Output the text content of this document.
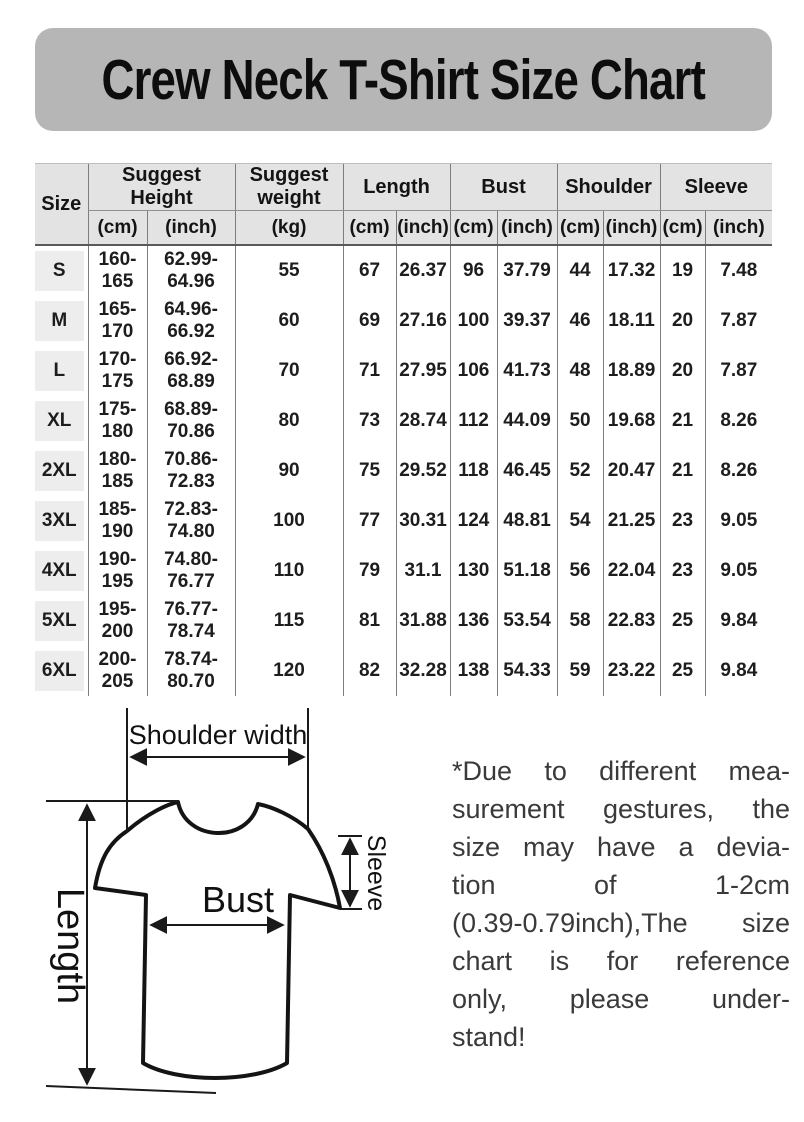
Crew Neck T-Shirt Size Chart
Size	Suggest Height		Suggest weight	Length		Bust		Shoulder		Sleeve	
	(cm)	(inch)	(kg)	(cm)	(inch)	(cm)	(inch)	(cm)	(inch)	(cm)	(inch)

S	160-165	62.99-64.96	55	67	26.37	96	37.79	44	17.32	19	7.48

M	165-170	64.96-66.92	60	69	27.16	100	39.37	46	18.11	20	7.87

L	170-175	66.92-68.89	70	71	27.95	106	41.73	48	18.89	20	7.87

XL	175-180	68.89-70.86	80	73	28.74	112	44.09	50	19.68	21	8.26

2XL	180-185	70.86-72.83	90	75	29.52	118	46.45	52	20.47	21	8.26

3XL	185-190	72.83-74.80	100	77	30.31	124	48.81	54	21.25	23	9.05

4XL	190-195	74.80-76.77	110	79	31.1	130	51.18	56	22.04	23	9.05

5XL	195-200	76.77-78.74	115	81	31.88	136	53.54	58	22.83	25	9.84

6XL	200-205	78.74-80.70	120	82	32.28	138	54.33	59	23.22	25	9.84
Shoulder width
Length	Bust	Sleeve
*Due to different mea-
surement gestures, the
size may have a devia-
tion of 1-2cm
(0.39-0.79inch),The size
chart is for reference
only, please under-
stand!
